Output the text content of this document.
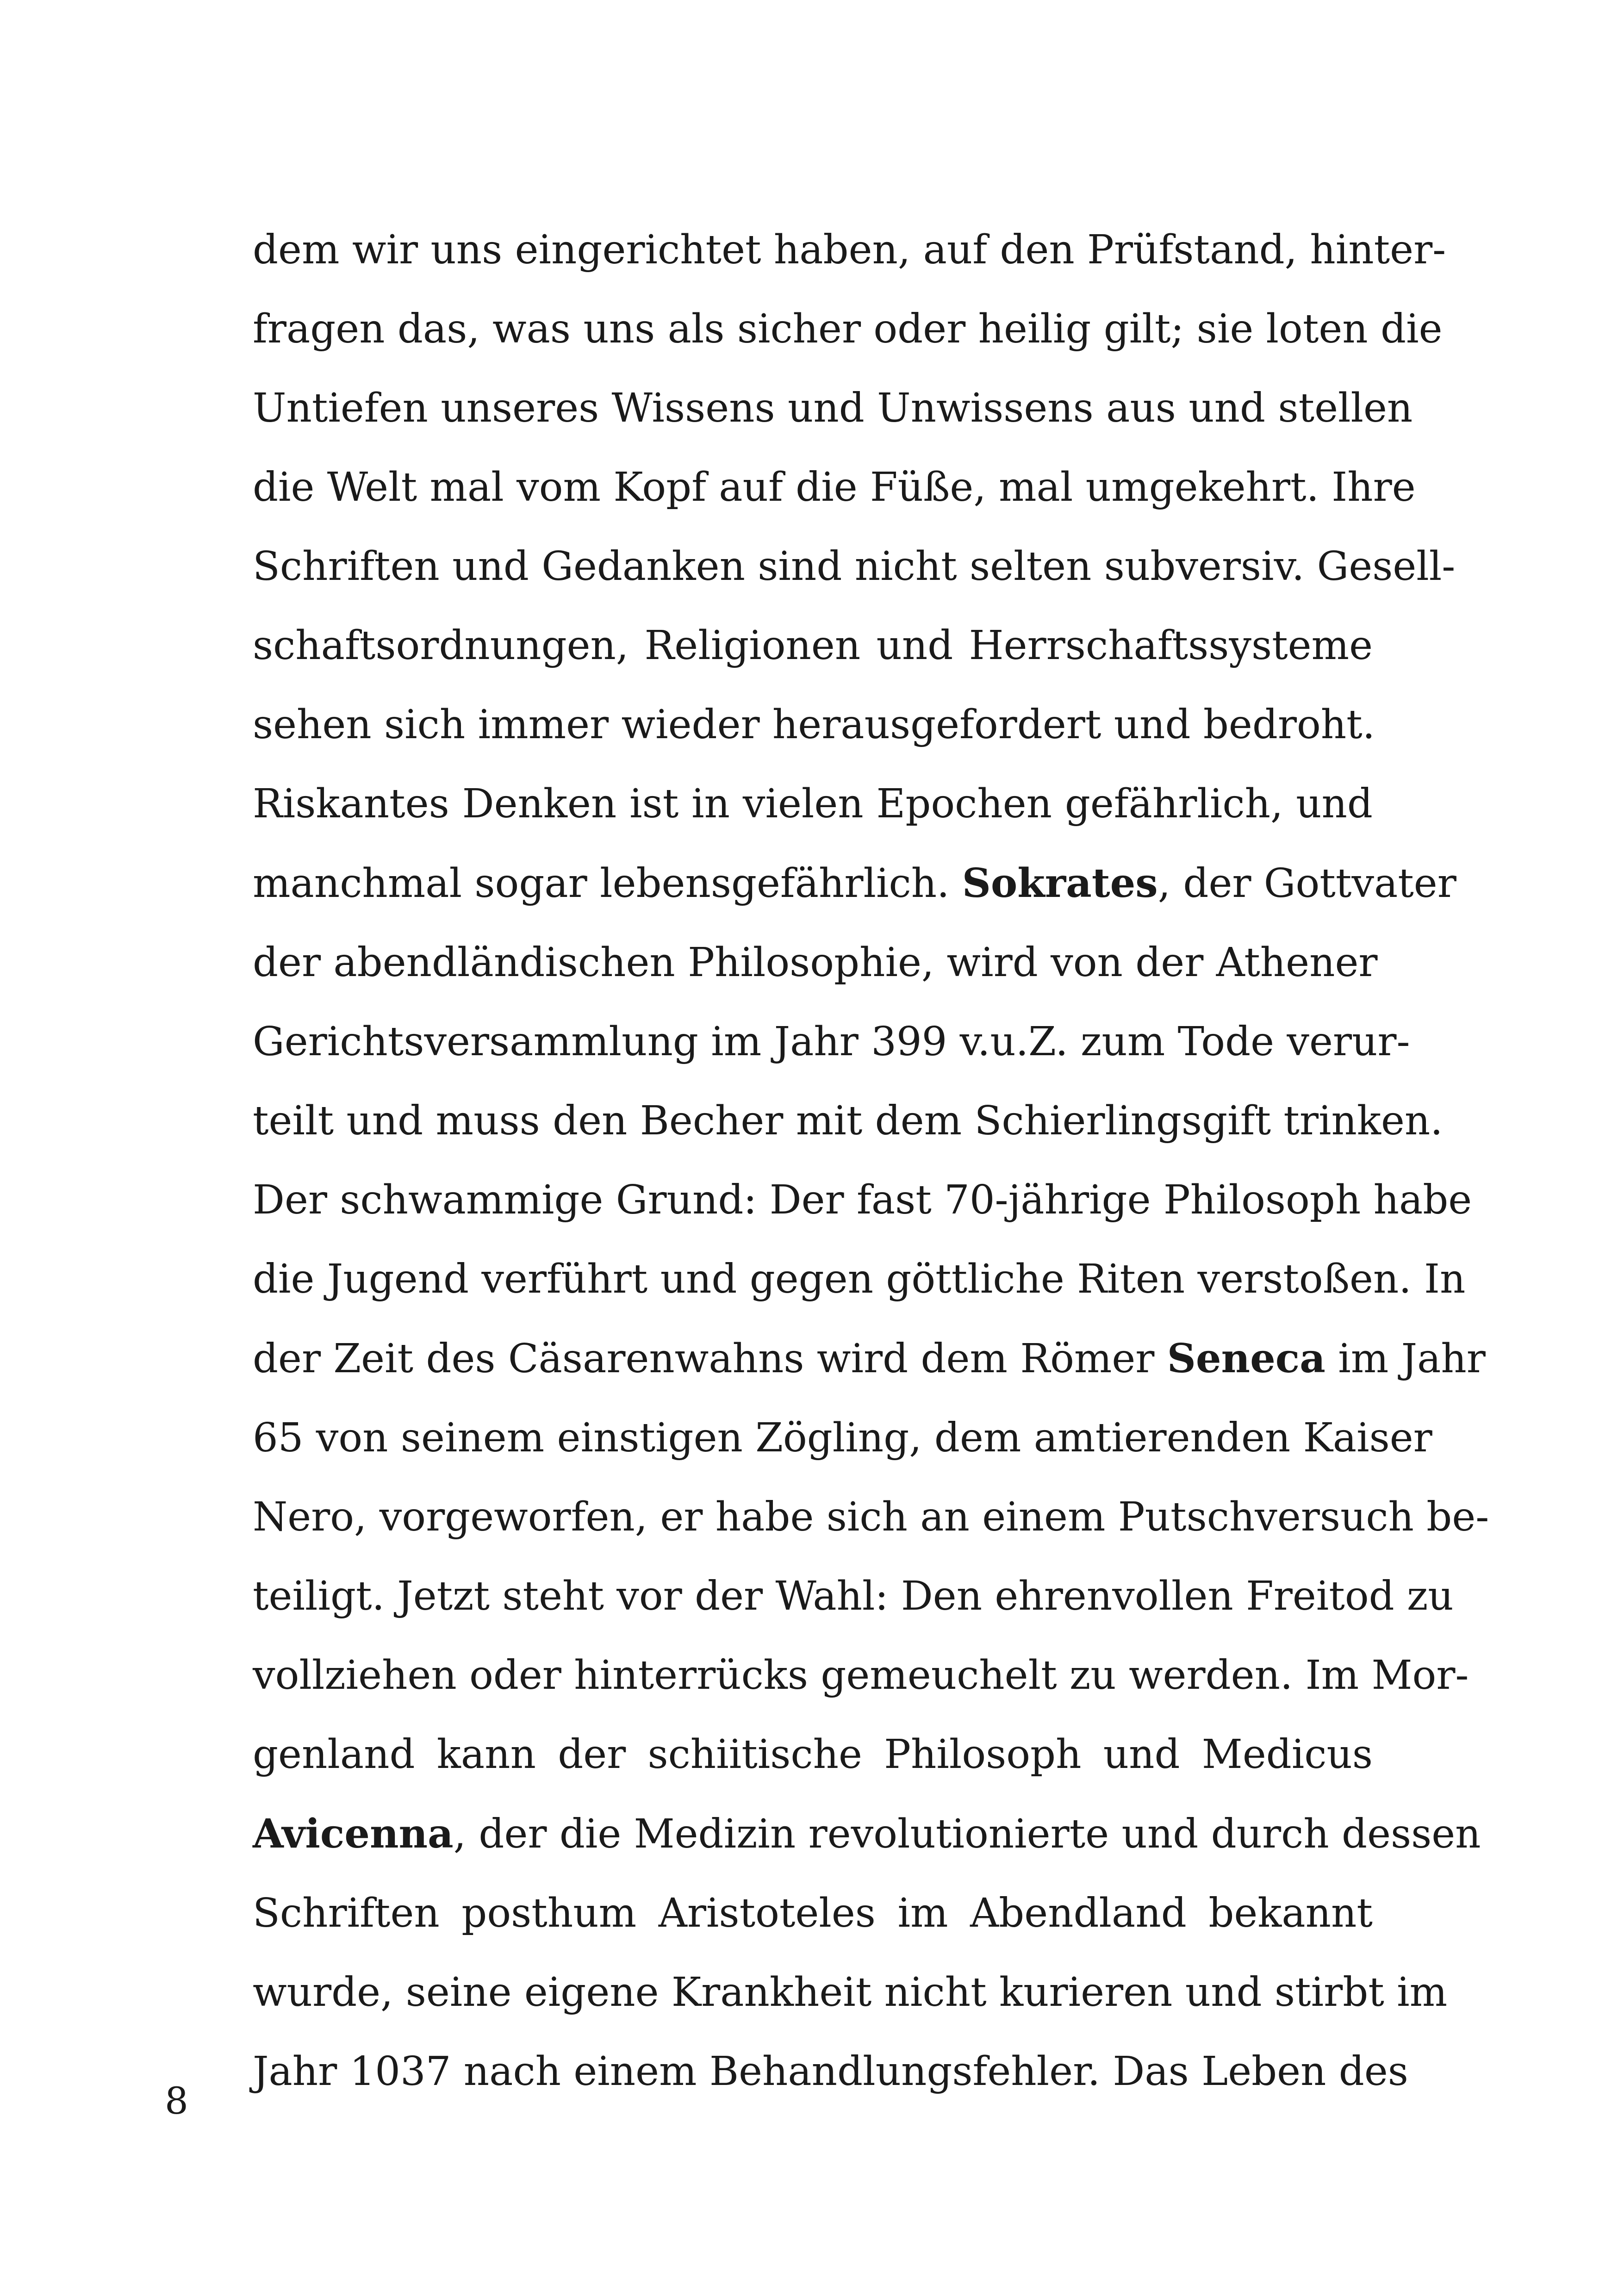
dem wir uns eingerichtet haben, auf den Prüfstand, hinter-
fragen das, was uns als sicher oder heilig gilt; sie loten die
Untiefen unseres Wissens und Unwissens aus und stellen
die Welt mal vom Kopf auf die Füße, mal umgekehrt. Ihre
Schriften und Gedanken sind nicht selten subversiv. Gesell-
schaftsordnungen, Religionen und Herrschaftssysteme
sehen sich immer wieder herausgefordert und bedroht.
Riskantes Denken ist in vielen Epochen gefährlich, und
manchmal sogar lebensgefährlich. Sokrates, der Gottvater
der abendländischen Philosophie, wird von der Athener
Gerichtsversammlung im Jahr 399 v.u.Z. zum Tode verur-
teilt und muss den Becher mit dem Schierlingsgift trinken.
Der schwammige Grund: Der fast 70-jährige Philosoph habe
die Jugend verführt und gegen göttliche Riten verstoßen. In
der Zeit des Cäsarenwahns wird dem Römer Seneca im Jahr
65 von seinem einstigen Zögling, dem amtierenden Kaiser
Nero, vorgeworfen, er habe sich an einem Putschversuch be-
teiligt. Jetzt steht vor der Wahl: Den ehrenvollen Freitod zu
vollziehen oder hinterrücks gemeuchelt zu werden. Im Mor-
genland kann der schiitische Philosoph und Medicus
Avicenna, der die Medizin revolutionierte und durch dessen
Schriften posthum Aristoteles im Abendland bekannt
wurde, seine eigene Krankheit nicht kurieren und stirbt im
Jahr 1037 nach einem Behandlungsfehler. Das Leben des
8
